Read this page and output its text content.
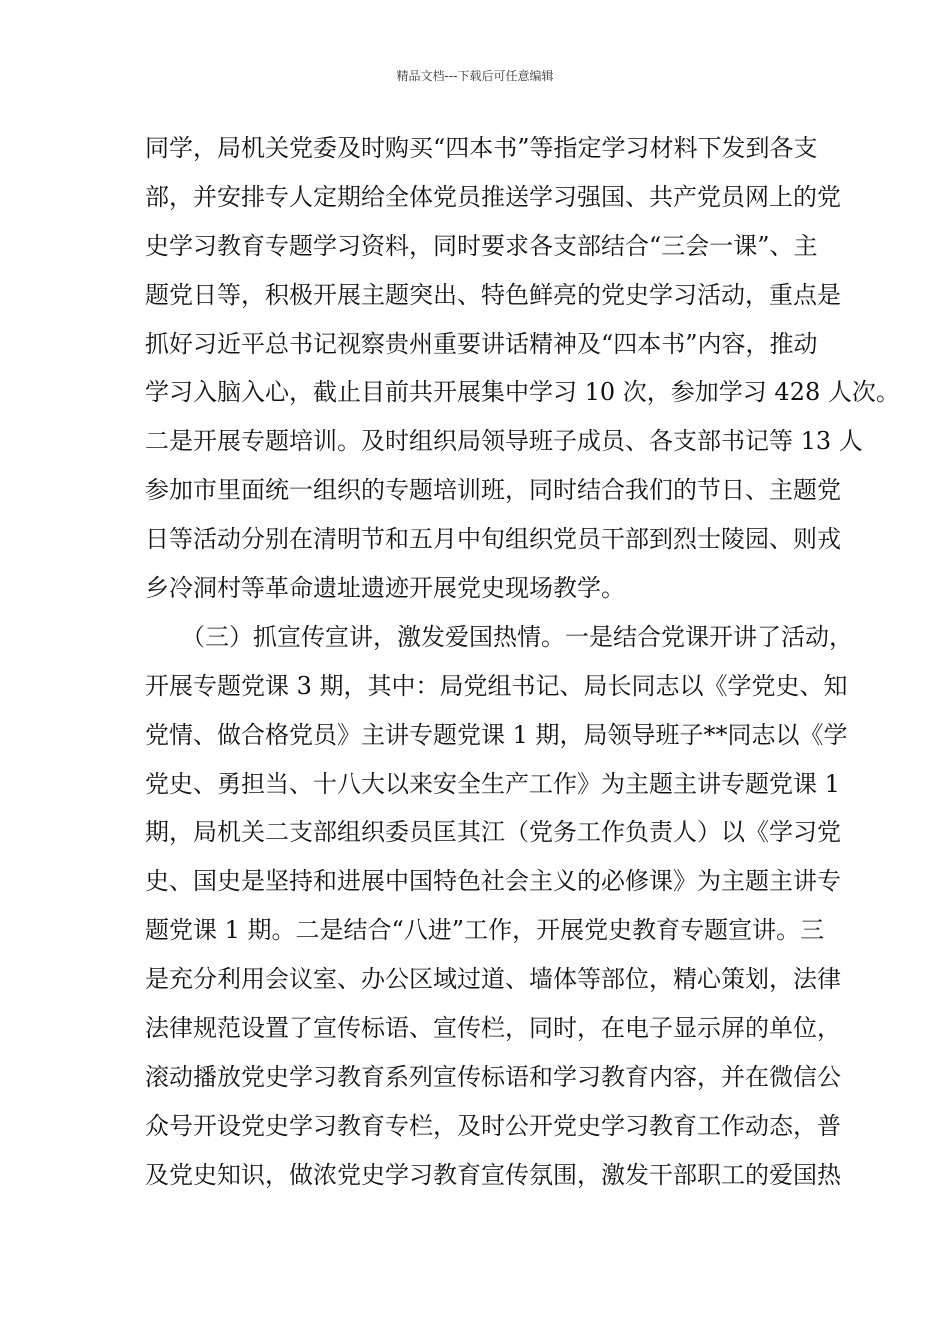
精品文档---下载后可任意编辑
同学，局机关党委及时购买“四本书”等指定学习材料下发到各支
部，并安排专人定期给全体党员推送学习强国、共产党员网上的党
史学习教育专题学习资料，同时要求各支部结合“三会一课”、主
题党日等，积极开展主题突出、特色鲜亮的党史学习活动，重点是
抓好习近平总书记视察贵州重要讲话精神及“四本书”内容，推动
学习入脑入心，截止目前共开展集中学习 10 次，参加学习 428 人次。
二是开展专题培训。及时组织局领导班子成员、各支部书记等 13 人
参加市里面统一组织的专题培训班，同时结合我们的节日、主题党
日等活动分别在清明节和五月中旬组织党员干部到烈士陵园、则戎
乡冷洞村等革命遗址遗迹开展党史现场教学。
（三）抓宣传宣讲，激发爱国热情。一是结合党课开讲了活动，
开展专题党课 3 期，其中：局党组书记、局长同志以《学党史、知
党情、做合格党员》主讲专题党课 1 期，局领导班子**同志以《学
党史、勇担当、十八大以来安全生产工作》为主题主讲专题党课 1
期，局机关二支部组织委员匡其江（党务工作负责人）以《学习党
史、国史是坚持和进展中国特色社会主义的必修课》为主题主讲专
题党课 1 期。二是结合“八进”工作，开展党史教育专题宣讲。三
是充分利用会议室、办公区域过道、墙体等部位，精心策划，法律
法律规范设置了宣传标语、宣传栏，同时，在电子显示屏的单位，
滚动播放党史学习教育系列宣传标语和学习教育内容，并在微信公
众号开设党史学习教育专栏，及时公开党史学习教育工作动态，普
及党史知识，做浓党史学习教育宣传氛围，激发干部职工的爱国热
